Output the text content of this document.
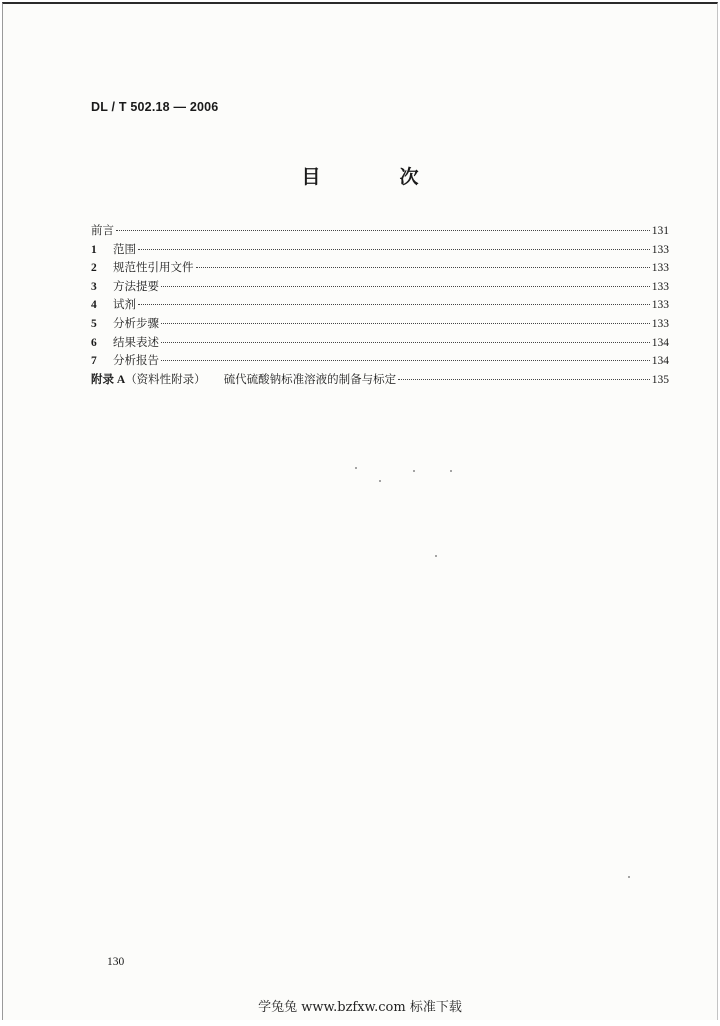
DL / T 502.18 — 2006
目　次
前言	131
1 范围	133
2 规范性引用文件	133
3 方法提要	133
4 试剂	133
5 分析步骤	133
6 结果表述	134
7 分析报告	134
附录 A（资料性附录） 硫代硫酸钠标准溶液的制备与标定	135
130
学兔兔 www.bzfxw.com 标准下载
